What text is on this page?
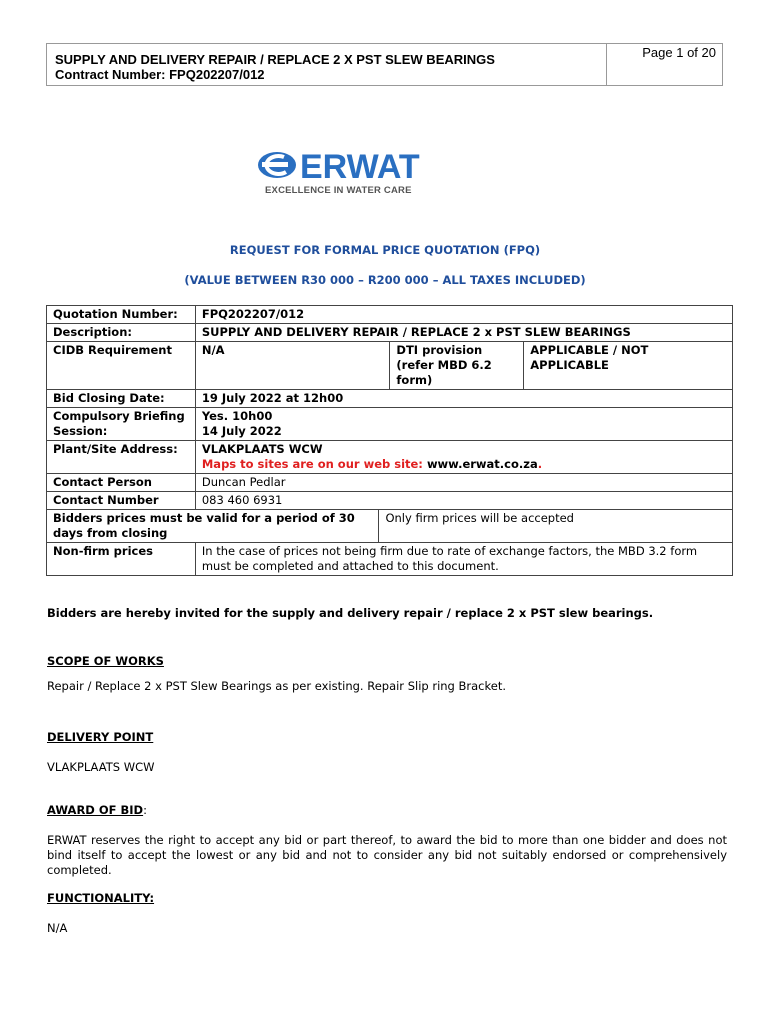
SUPPLY AND DELIVERY REPAIR / REPLACE 2 X PST SLEW BEARINGS
Contract Number: FPQ202207/012
Page 1 of 20
ERWAT
EXCELLENCE IN WATER CARE
REQUEST FOR FORMAL PRICE QUOTATION (FPQ)
(VALUE BETWEEN R30 000 – R200 000 – ALL TAXES INCLUDED)
Quotation Number:	FPQ202207/012			
Description:	SUPPLY AND DELIVERY REPAIR / REPLACE 2 x PST SLEW BEARINGS			
CIDB Requirement	N/A		DTI provision (refer MBD 6.2 form)	APPLICABLE / NOT APPLICABLE
Bid Closing Date:	19 July 2022 at 12h00			
Compulsory Briefing Session:	Yes. 10h00
14 July 2022			

Plant/Site Address:	VLAKPLAATS WCW
Maps to sites are on our web site: www.erwat.co.za.			

Contact Person	Duncan Pedlar			
Contact Number	083 460 6931			
Bidders prices must be valid for a period of 30 days from closing		Only firm prices will be accepted		
Non-firm prices	In the case of prices not being firm due to rate of exchange factors, the MBD 3.2 form must be completed and attached to this document.			
Bidders are hereby invited for the supply and delivery repair / replace 2 x PST slew bearings.
SCOPE OF WORKS
Repair / Replace 2 x PST Slew Bearings as per existing. Repair Slip ring Bracket.
DELIVERY POINT
VLAKPLAATS WCW
AWARD OF BID:
ERWAT reserves the right to accept any bid or part thereof, to award the bid to more than one bidder and does not bind itself to accept the lowest or any bid and not to consider any bid not suitably endorsed or comprehensively completed.
FUNCTIONALITY:
N/A
